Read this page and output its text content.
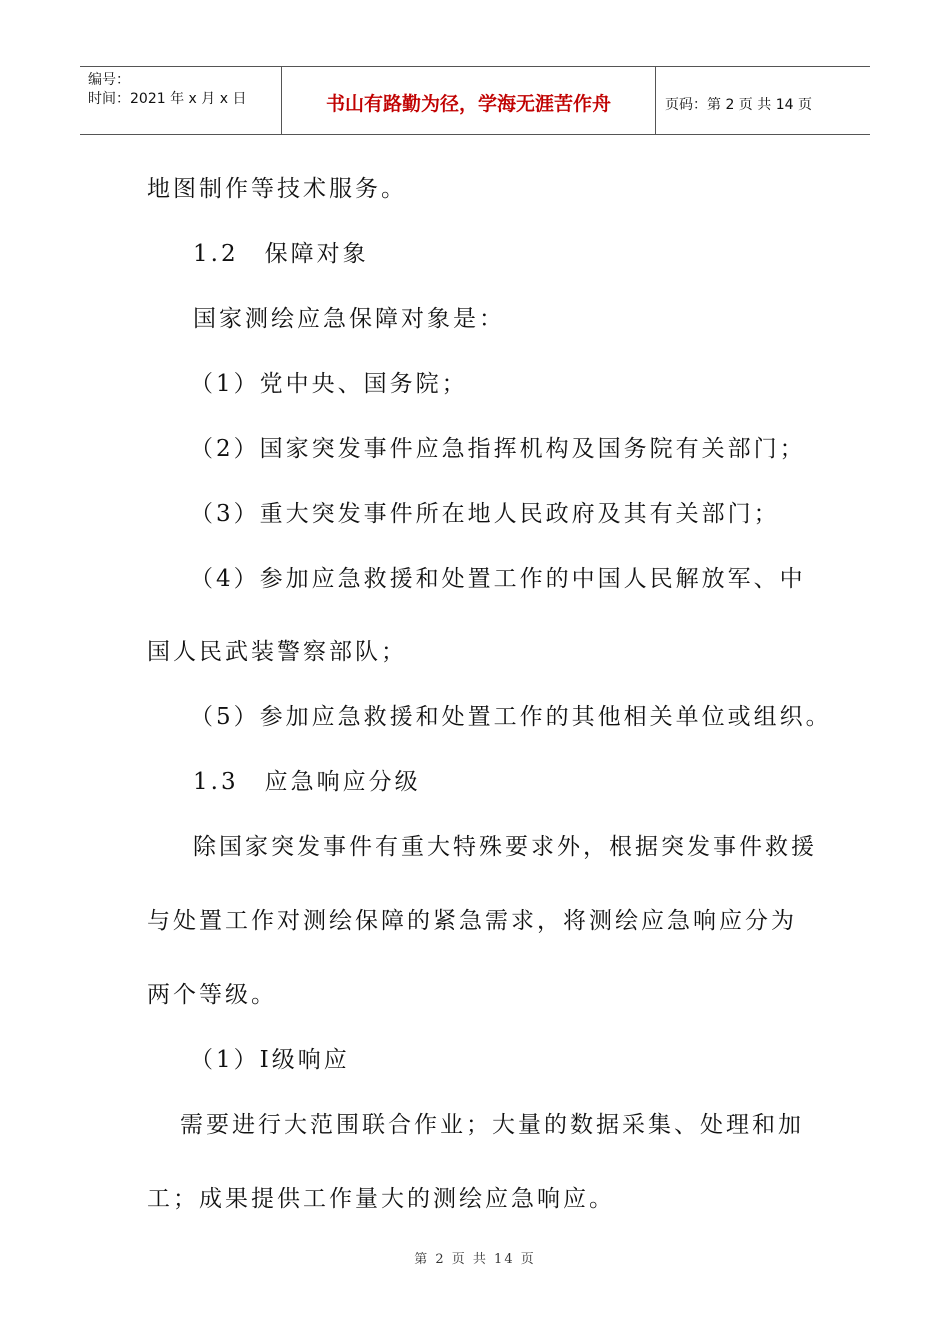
编号：
时间：2021 年 x 月 x 日	书山有路勤为径，学海无涯苦作舟	页码：第 2 页 共 14 页
地图制作等技术服务。
1.2　保障对象
国家测绘应急保障对象是：
（1）党中央、国务院；
（2）国家突发事件应急指挥机构及国务院有关部门；
（3）重大突发事件所在地人民政府及其有关部门；
（4）参加应急救援和处置工作的中国人民解放军、中
国人民武装警察部队；
（5）参加应急救援和处置工作的其他相关单位或组织。
1.3　应急响应分级
除国家突发事件有重大特殊要求外，根据突发事件救援
与处置工作对测绘保障的紧急需求，将测绘应急响应分为
两个等级。
（1）Ⅰ级响应
需要进行大范围联合作业；大量的数据采集、处理和加
工；成果提供工作量大的测绘应急响应。
第 2 页 共 14 页
